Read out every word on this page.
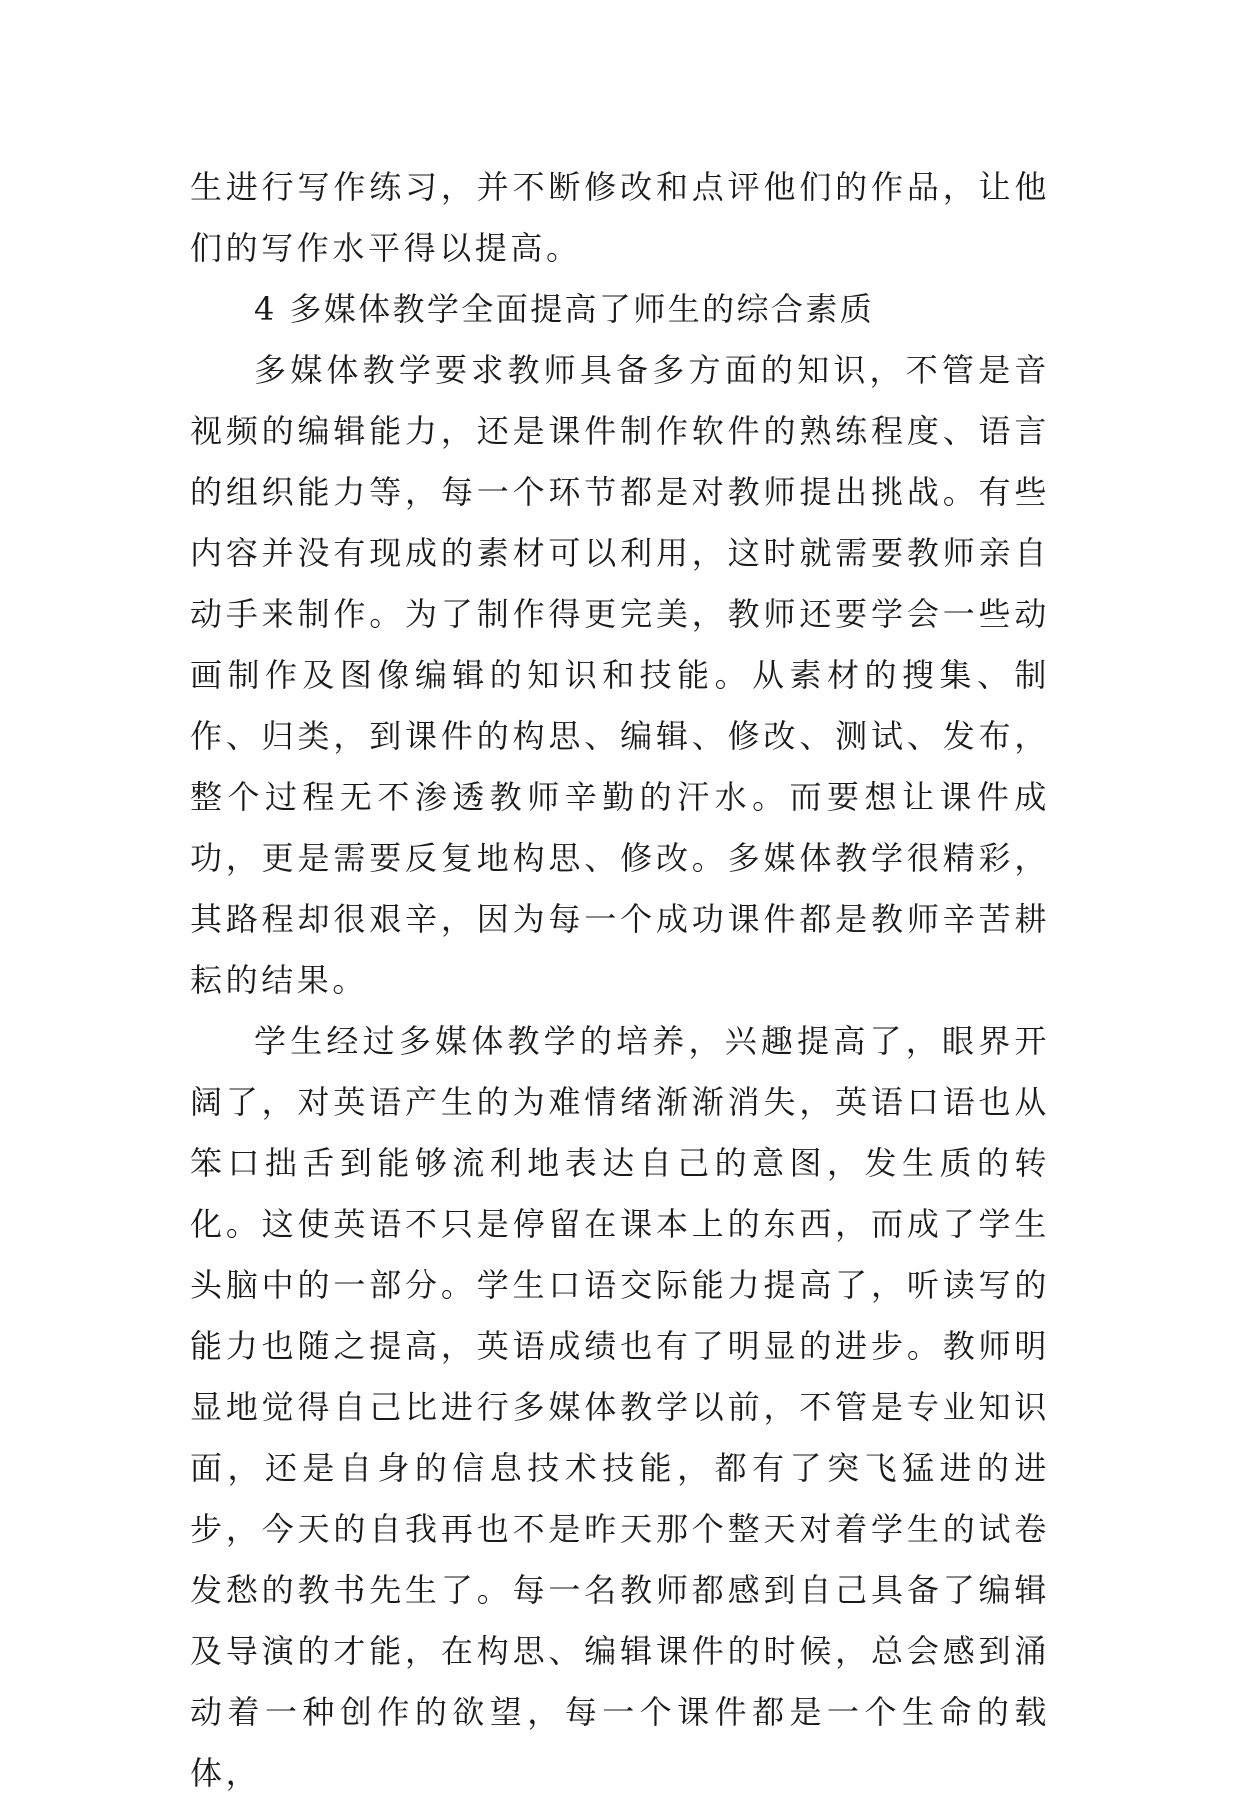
生进行写作练习，并不断修改和点评他们的作品，让他们的写作水平得以提高。

4 多媒体教学全面提高了师生的综合素质

多媒体教学要求教师具备多方面的知识，不管是音视频的编辑能力，还是课件制作软件的熟练程度、语言的组织能力等，每一个环节都是对教师提出挑战。有些内容并没有现成的素材可以利用，这时就需要教师亲自动手来制作。为了制作得更完美，教师还要学会一些动画制作及图像编辑的知识和技能。从素材的搜集、制作、归类，到课件的构思、编辑、修改、测试、发布，整个过程无不渗透教师辛勤的汗水。而要想让课件成功，更是需要反复地构思、修改。多媒体教学很精彩，其路程却很艰辛，因为每一个成功课件都是教师辛苦耕耘的结果。

学生经过多媒体教学的培养，兴趣提高了，眼界开阔了，对英语产生的为难情绪渐渐消失，英语口语也从笨口拙舌到能够流利地表达自己的意图，发生质的转化。这使英语不只是停留在课本上的东西，而成了学生头脑中的一部分。学生口语交际能力提高了，听读写的能力也随之提高，英语成绩也有了明显的进步。教师明显地觉得自己比进行多媒体教学以前，不管是专业知识面，还是自身的信息技术技能，都有了突飞猛进的进步，今天的自我再也不是昨天那个整天对着学生的试卷发愁的教书先生了。每一名教师都感到自己具备了编辑及导演的才能，在构思、编辑课件的时候，总会感到涌动着一种创作的欲望，每一个课件都是一个生命的载体，
